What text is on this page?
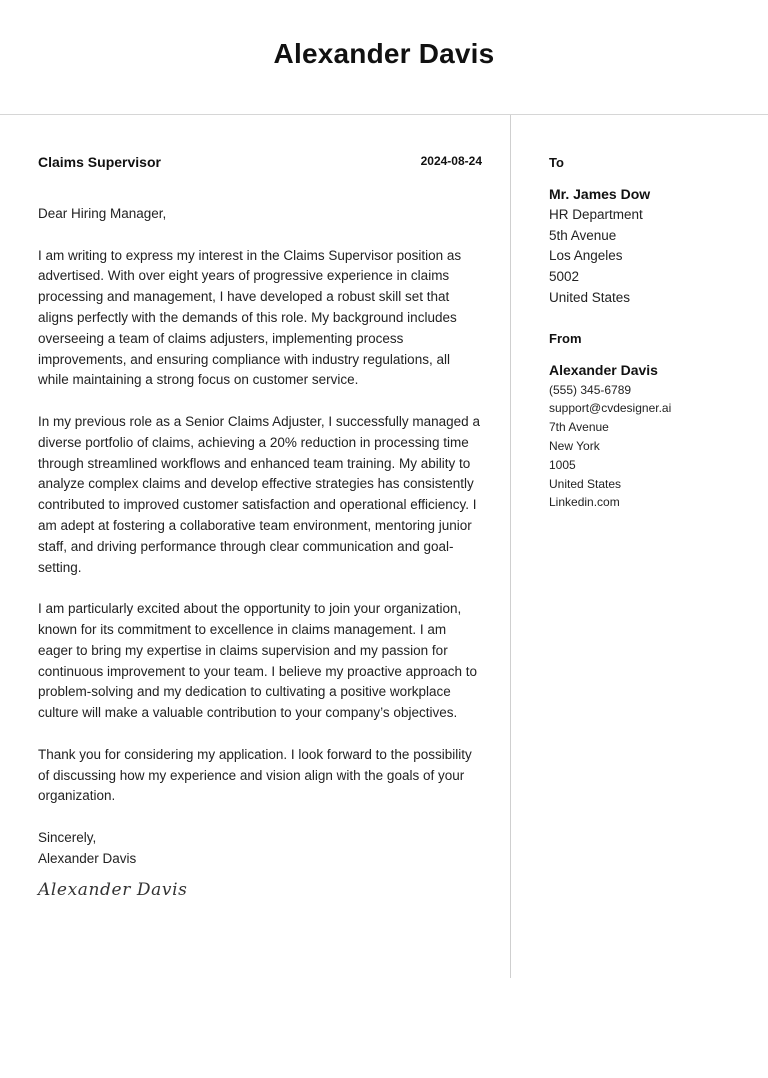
Alexander Davis
Claims Supervisor	2024-08-24
Dear Hiring Manager,
I am writing to express my interest in the Claims Supervisor position as advertised. With over eight years of progressive experience in claims processing and management, I have developed a robust skill set that aligns perfectly with the demands of this role. My background includes overseeing a team of claims adjusters, implementing process improvements, and ensuring compliance with industry regulations, all while maintaining a strong focus on customer service.
In my previous role as a Senior Claims Adjuster, I successfully managed a diverse portfolio of claims, achieving a 20% reduction in processing time through streamlined workflows and enhanced team training. My ability to analyze complex claims and develop effective strategies has consistently contributed to improved customer satisfaction and operational efficiency. I am adept at fostering a collaborative team environment, mentoring junior staff, and driving performance through clear communication and goal-setting.
I am particularly excited about the opportunity to join your organization, known for its commitment to excellence in claims management. I am eager to bring my expertise in claims supervision and my passion for continuous improvement to your team. I believe my proactive approach to problem-solving and my dedication to cultivating a positive workplace culture will make a valuable contribution to your company’s objectives.
Thank you for considering my application. I look forward to the possibility of discussing how my experience and vision align with the goals of your organization.
Sincerely,
Alexander Davis
Alexander Davis
To
Mr. James Dow
HR Department
5th Avenue
Los Angeles
5002
United States
From
Alexander Davis
(555) 345-6789
support@cvdesigner.ai
7th Avenue
New York
1005
United States
Linkedin.com
